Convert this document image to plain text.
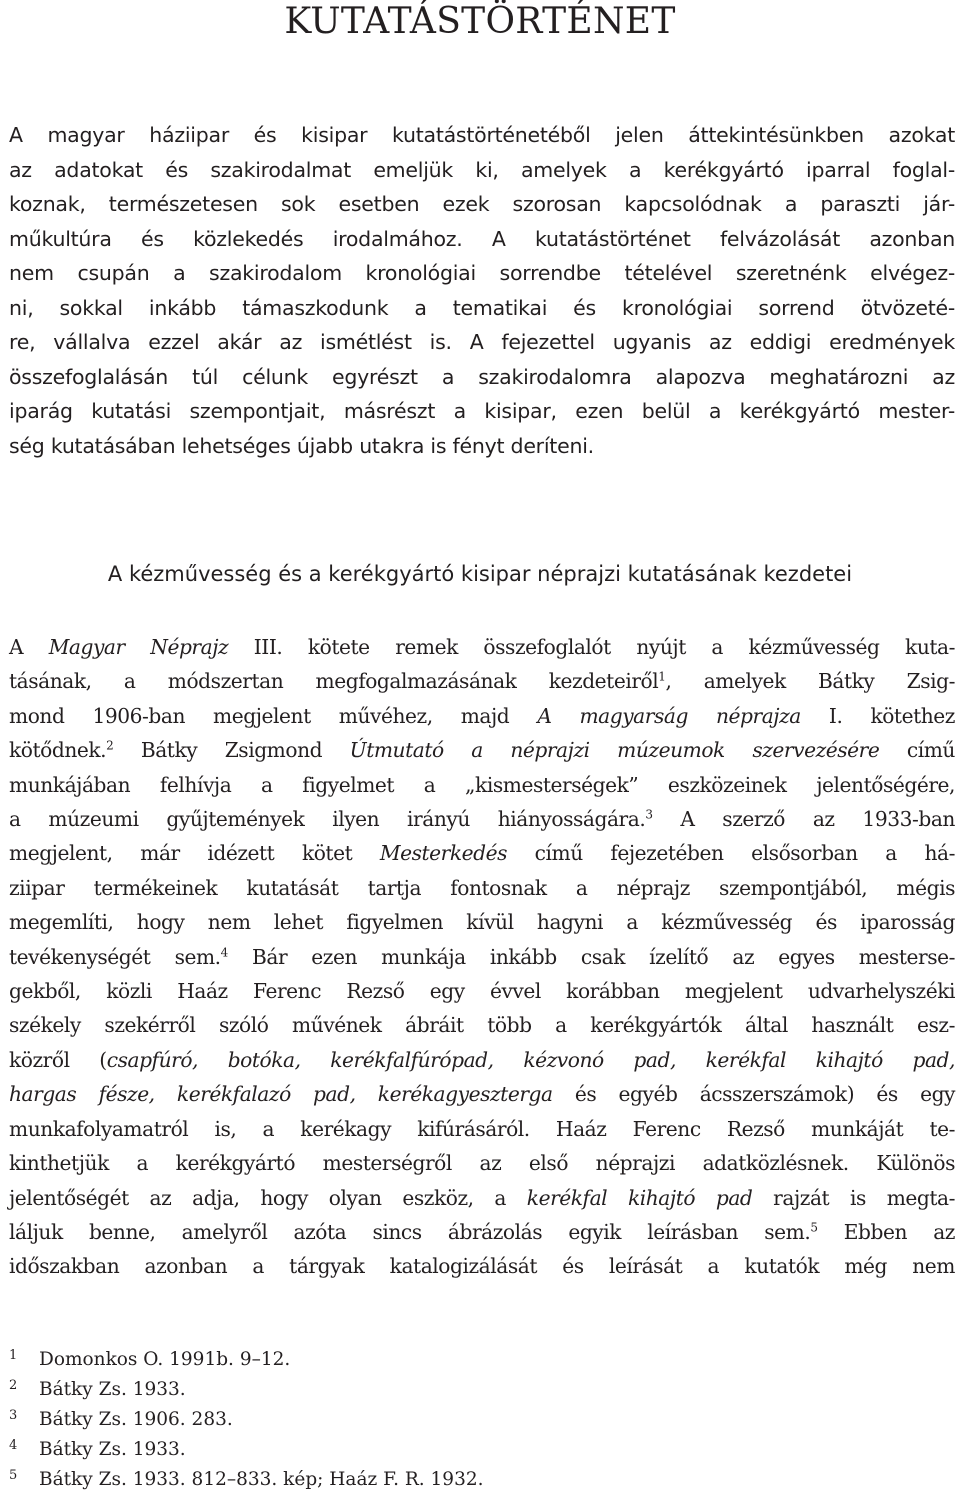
KUTATÁSTÖRTÉNET
A magyar háziipar és kisipar kutatástörténetéből jelen áttekintésünkben azokat
az adatokat és szakirodalmat emeljük ki, amelyek a kerékgyártó iparral foglal-
koznak, természetesen sok esetben ezek szorosan kapcsolódnak a paraszti jár-
műkultúra és közlekedés irodalmához. A kutatástörténet felvázolását azonban
nem csupán a szakirodalom kronológiai sorrendbe tételével szeretnénk elvégez-
ni, sokkal inkább támaszkodunk a tematikai és kronológiai sorrend ötvözeté-
re, vállalva ezzel akár az ismétlést is. A fejezettel ugyanis az eddigi eredmények
összefoglalásán túl célunk egyrészt a szakirodalomra alapozva meghatározni az
iparág kutatási szempontjait, másrészt a kisipar, ezen belül a kerékgyártó mester-
ség kutatásában lehetséges újabb utakra is fényt deríteni.
A kézművesség és a kerékgyártó kisipar néprajzi kutatásának kezdetei
A Magyar Néprajz III. kötete remek összefoglalót nyújt a kézművesség kuta-
tásának, a módszertan megfogalmazásának kezdeteiről$^1$, amelyek Bátky Zsig-
mond 1906-ban megjelent művéhez, majd A magyarság néprajza I. kötethez
kötődnek.$^2$ Bátky Zsigmond Útmutató a néprajzi múzeumok szervezésére című
munkájában felhívja a figyelmet a „kismesterségek” eszközeinek jelentőségére,
a múzeumi gyűjtemények ilyen irányú hiányosságára.$^3$ A szerző az 1933-ban
megjelent, már idézett kötet Mesterkedés című fejezetében elsősorban a há-
ziipar termékeinek kutatását tartja fontosnak a néprajz szempontjából, mégis
megemlíti, hogy nem lehet figyelmen kívül hagyni a kézművesség és iparosság
tevékenységét sem.$^4$ Bár ezen munkája inkább csak ízelítő az egyes mesterse-
gekből, közli Haáz Ferenc Rezső egy évvel korábban megjelent udvarhelyszéki
székely szekérről szóló művének ábráit több a kerékgyártók által használt esz-
közről (csapfúró, botóka, kerékfalfúrópad, kézvonó pad, kerékfal kihajtó pad,
hargas fésze, kerékfalazó pad, kerékagyeszterga és egyéb ácsszerszámok) és egy
munkafolyamatról is, a kerékagy kifúrásáról. Haáz Ferenc Rezső munkáját te-
kinthetjük a kerékgyártó mesterségről az első néprajzi adatközlésnek. Különös
jelentőségét az adja, hogy olyan eszköz, a kerékfal kihajtó pad rajzát is megta-
láljuk benne, amelyről azóta sincs ábrázolás egyik leírásban sem.$^5$ Ebben az
időszakban azonban a tárgyak katalogizálását és leírását a kutatók még nem
1	Domonkos O. 1991b. 9–12.
2	Bátky Zs. 1933.
3	Bátky Zs. 1906. 283.
4	Bátky Zs. 1933.
5	Bátky Zs. 1933. 812–833. kép; Haáz F. R. 1932.
